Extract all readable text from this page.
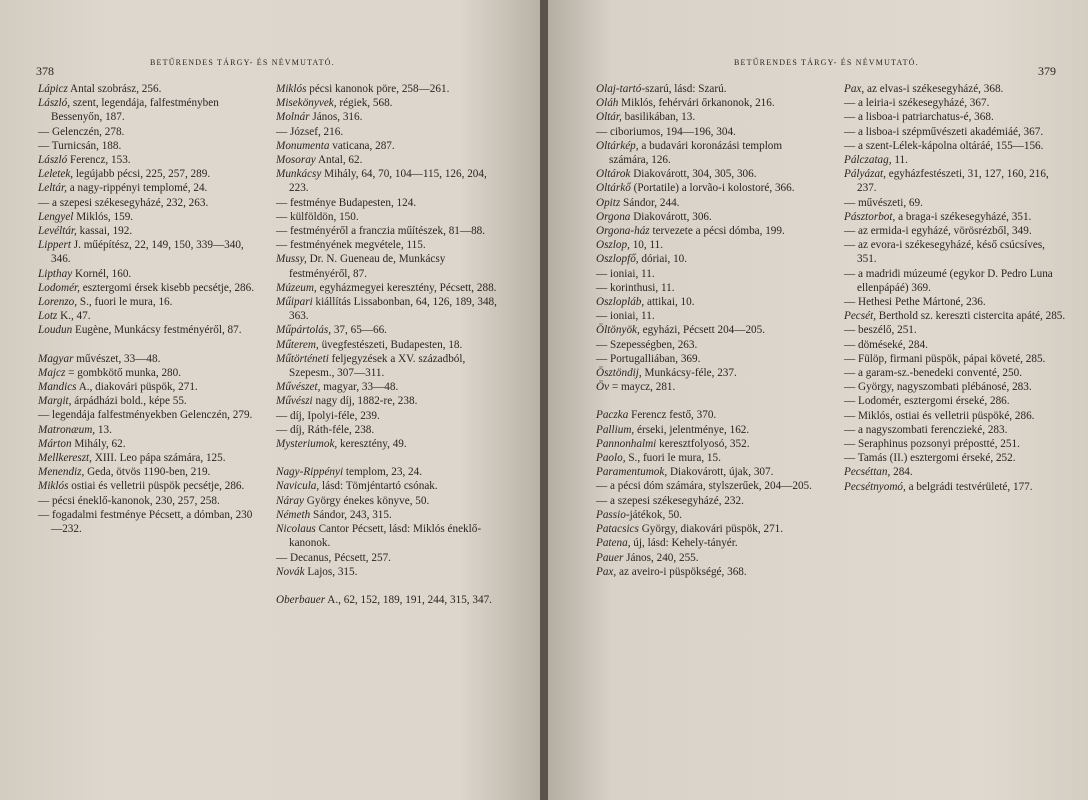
378
BETŰRENDES TÁRGY- ÉS NÉVMUTATÓ.

Lápicz Antal szobrász, 256.

László, szent, legendája, falfestményben Bessenyőn, 187.

— Gelenczén, 278.

— Turnicsán, 188.

László Ferencz, 153.

Leletek, legújabb pécsi, 225, 257, 289.

Leltár, a nagy-rippényi templomé, 24.

— a szepesi székesegyházé, 232, 263.

Lengyel Miklós, 159.

Levéltár, kassai, 192.

Lippert J. műépítész, 22, 149, 150, 339—340, 346.

Lipthay Kornél, 160.

Lodomér, esztergomi érsek kisebb pecsétje, 286.

Lorenzo, S., fuori le mura, 16.

Lotz K., 47.

Loudun Eugène, Munkácsy festményéről, 87.

Magyar művészet, 33—48.

Majcz = gombkötő munka, 280.

Mandics A., diakovári püspök, 271.

Margit, árpádházi bold., képe 55.

— legendája falfestményekben Gelenczén, 279.

Matronæum, 13.

Márton Mihály, 62.

Mellkereszt, XIII. Leo pápa számára, 125.

Menendiz, Geda, ötvös 1190-ben, 219.

Miklós ostiai és velletrii püspök pecsétje, 286.

— pécsi éneklő-kanonok, 230, 257, 258.

— fogadalmi festménye Pécsett, a dómban, 230—232.

Miklós pécsi kanonok pöre, 258—261.

Misekönyvek, régiek, 568.

Molnár János, 316.

— József, 216.

Monumenta vaticana, 287.

Mosoray Antal, 62.

Munkácsy Mihály, 64, 70, 104—115, 126, 204, 223.

— festménye Budapesten, 124.

— külföldön, 150.

— festményéről a franczia műítészek, 81—88.

— festményének megvétele, 115.

Mussy, Dr. N. Gueneau de, Munkácsy festményéről, 87.

Múzeum, egyházmegyei keresztény, Pécsett, 288.

Műipari kiállítás Lissabonban, 64, 126, 189, 348, 363.

Műpártolás, 37, 65—66.

Műterem, üvegfestészeti, Budapesten, 18.

Műtörténeti feljegyzések a XV. századból, Szepesm., 307—311.

Művészet, magyar, 33—48.

Művészi nagy díj, 1882-re, 238.

— díj, Ipolyi-féle, 239.

— díj, Ráth-féle, 238.

Mysteriumok, keresztény, 49.

Nagy-Rippényi templom, 23, 24.

Navicula, lásd: Tömjéntartó csónak.

Náray György énekes könyve, 50.

Németh Sándor, 243, 315.

Nicolaus Cantor Pécsett, lásd: Miklós éneklő-kanonok.

— Decanus, Pécsett, 257.

Novák Lajos, 315.

Oberbauer A., 62, 152, 189, 191, 244, 315, 347.

BETŰRENDES TÁRGY- ÉS NÉVMUTATÓ.
379

Olaj-tartó-szarú, lásd: Szarú.

Oláh Miklós, fehérvári őrkanonok, 216.

Oltár, basilikában, 13.

— ciboriumos, 194—196, 304.

Oltárkép, a budavári koronázási templom számára, 126.

Oltárok Diakovárott, 304, 305, 306.

Oltárkő (Portatile) a lorvão-i kolostoré, 366.

Opitz Sándor, 244.

Orgona Diakovárott, 306.

Orgona-ház tervezete a pécsi dómba, 199.

Oszlop, 10, 11.

Oszlopfő, dóriai, 10.

— ioniai, 11.

— korinthusi, 11.

Oszlopláb, attikai, 10.

— ioniai, 11.

Öltönyök, egyházi, Pécsett 204—205.

— Szepességben, 263.

— Portugalliában, 369.

Ösztöndij, Munkácsy-féle, 237.

Öv = maycz, 281.

Paczka Ferencz festő, 370.

Pallium, érseki, jelentménye, 162.

Pannonhalmi keresztfolyosó, 352.

Paolo, S., fuori le mura, 15.

Paramentumok, Diakovárott, újak, 307.

— a pécsi dóm számára, stylszerűek, 204—205.

— a szepesi székesegyházé, 232.

Passio-játékok, 50.

Patacsics György, diakovári püspök, 271.

Patena, új, lásd: Kehely-tányér.

Pauer János, 240, 255.

Pax, az aveiro-i püspökségé, 368.

Pax, az elvas-i székesegyházé, 368.

— a leiria-i székesegyházé, 367.

— a lisboa-i patriarchatus-é, 368.

— a lisboa-i szépművészeti akadémiáé, 367.

— a szent-Lélek-kápolna oltáráé, 155—156.

Pálczatag, 11.

Pályázat, egyházfestészeti, 31, 127, 160, 216, 237.

— művészeti, 69.

Pásztorbot, a braga-i székesegyházé, 351.

— az ermida-i egyházé, vörösrézből, 349.

— az evora-i székesegyházé, késő csúcsíves, 351.

— a madridi múzeumé (egykor D. Pedro Luna ellenpápáé) 369.

— Hethesi Pethe Mártoné, 236.

Pecsét, Berthold sz. kereszti cistercita apáté, 285.

— beszélő, 251.

— döméseké, 284.

— Fülöp, firmani püspök, pápai követé, 285.

— a garam-sz.-benedeki conventé, 250.

— György, nagyszombati plébánosé, 283.

— Lodomér, esztergomi érseké, 286.

— Miklós, ostiai és velletrii püspöké, 286.

— a nagyszombati ferenczieké, 283.

— Seraphinus pozsonyi prépostté, 251.

— Tamás (II.) esztergomi érseké, 252.

Pecséttan, 284.

Pecsétnyomó, a belgrádi testvérületé, 177.
